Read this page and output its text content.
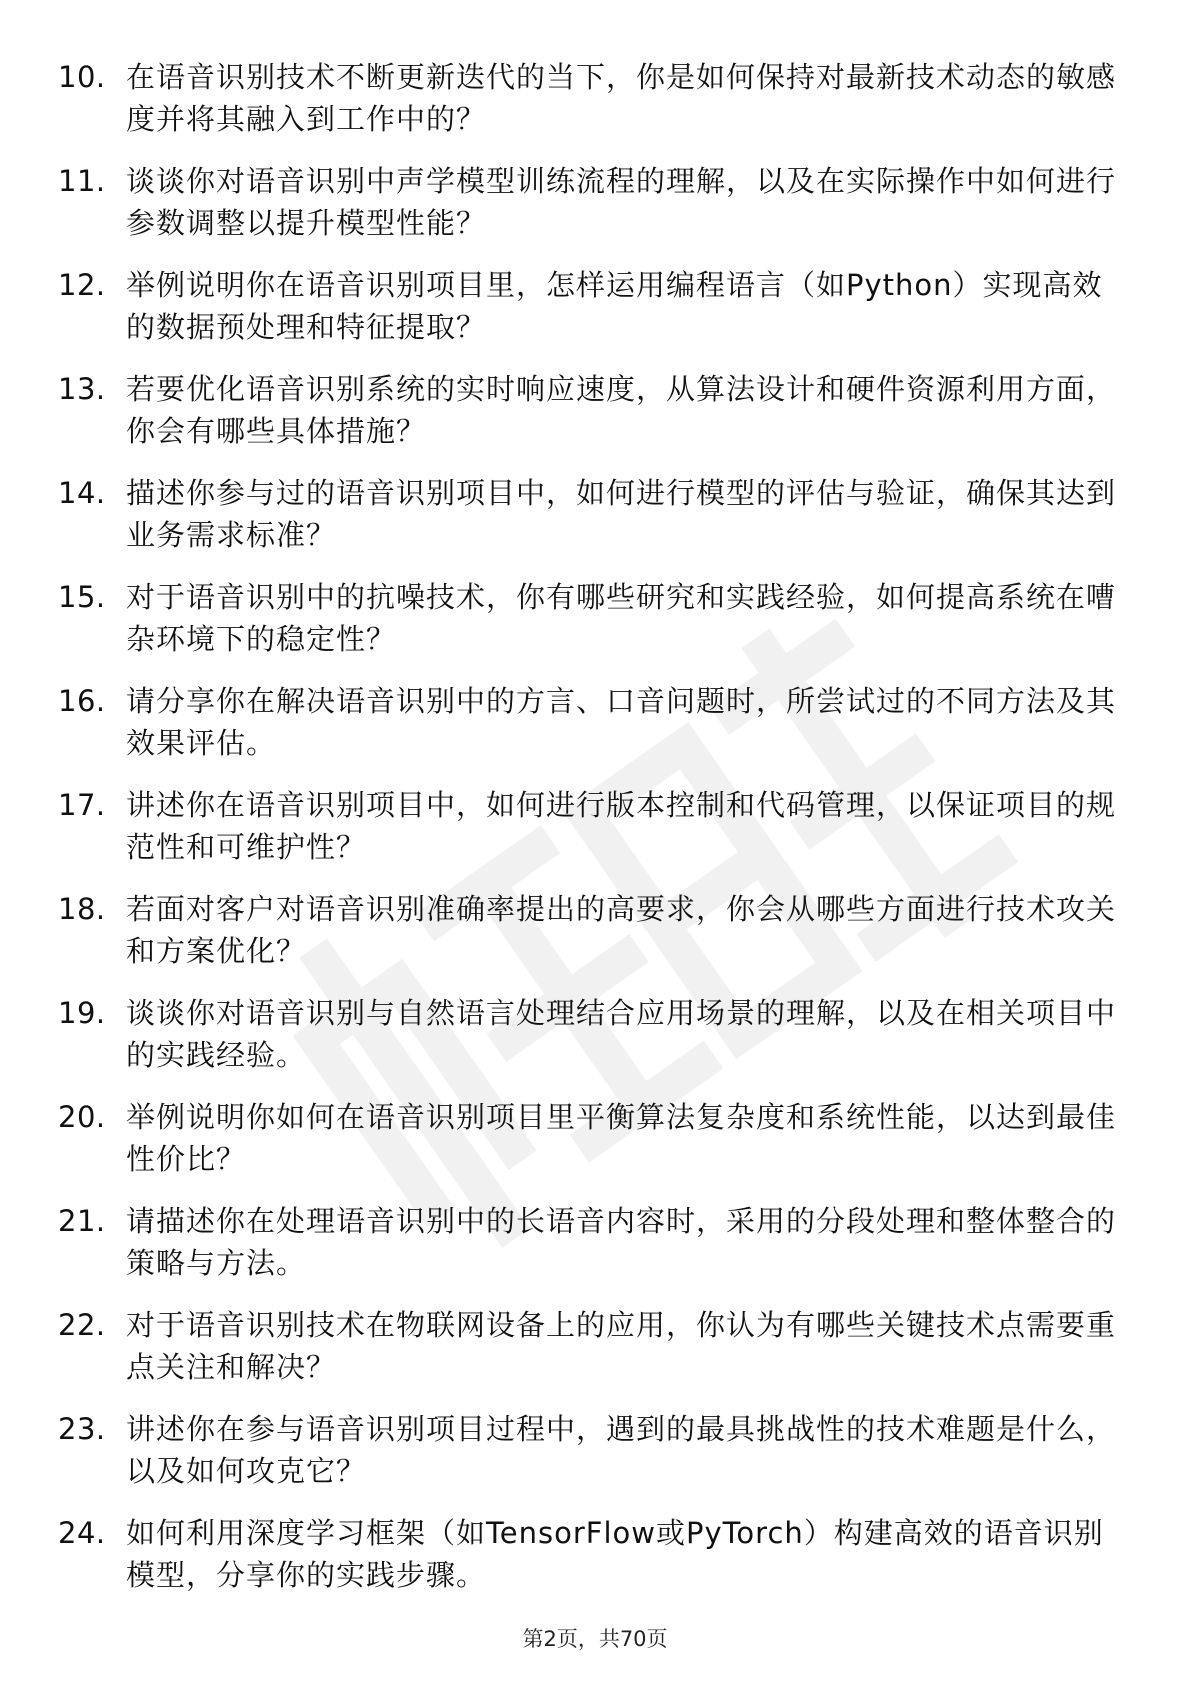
10. 在语音识别技术不断更新迭代的当下，你是如何保持对最新技术动态的敏感度并将其融入到工作中的？
11. 谈谈你对语音识别中声学模型训练流程的理解，以及在实际操作中如何进行参数调整以提升模型性能？
12. 举例说明你在语音识别项目里，怎样运用编程语言（如Python）实现高效的数据预处理和特征提取？
13. 若要优化语音识别系统的实时响应速度，从算法设计和硬件资源利用方面，你会有哪些具体措施？
14. 描述你参与过的语音识别项目中，如何进行模型的评估与验证，确保其达到业务需求标准？
15. 对于语音识别中的抗噪技术，你有哪些研究和实践经验，如何提高系统在嘈杂环境下的稳定性？
16. 请分享你在解决语音识别中的方言、口音问题时，所尝试过的不同方法及其效果评估。
17. 讲述你在语音识别项目中，如何进行版本控制和代码管理，以保证项目的规范性和可维护性？
18. 若面对客户对语音识别准确率提出的高要求，你会从哪些方面进行技术攻关和方案优化？
19. 谈谈你对语音识别与自然语言处理结合应用场景的理解，以及在相关项目中的实践经验。
20. 举例说明你如何在语音识别项目里平衡算法复杂度和系统性能，以达到最佳性价比？
21. 请描述你在处理语音识别中的长语音内容时，采用的分段处理和整体整合的策略与方法。
22. 对于语音识别技术在物联网设备上的应用，你认为有哪些关键技术点需要重点关注和解决？
23. 讲述你在参与语音识别项目过程中，遇到的最具挑战性的技术难题是什么，以及如何攻克它？
24. 如何利用深度学习框架（如TensorFlow或PyTorch）构建高效的语音识别模型，分享你的实践步骤。
第2页，共70页
